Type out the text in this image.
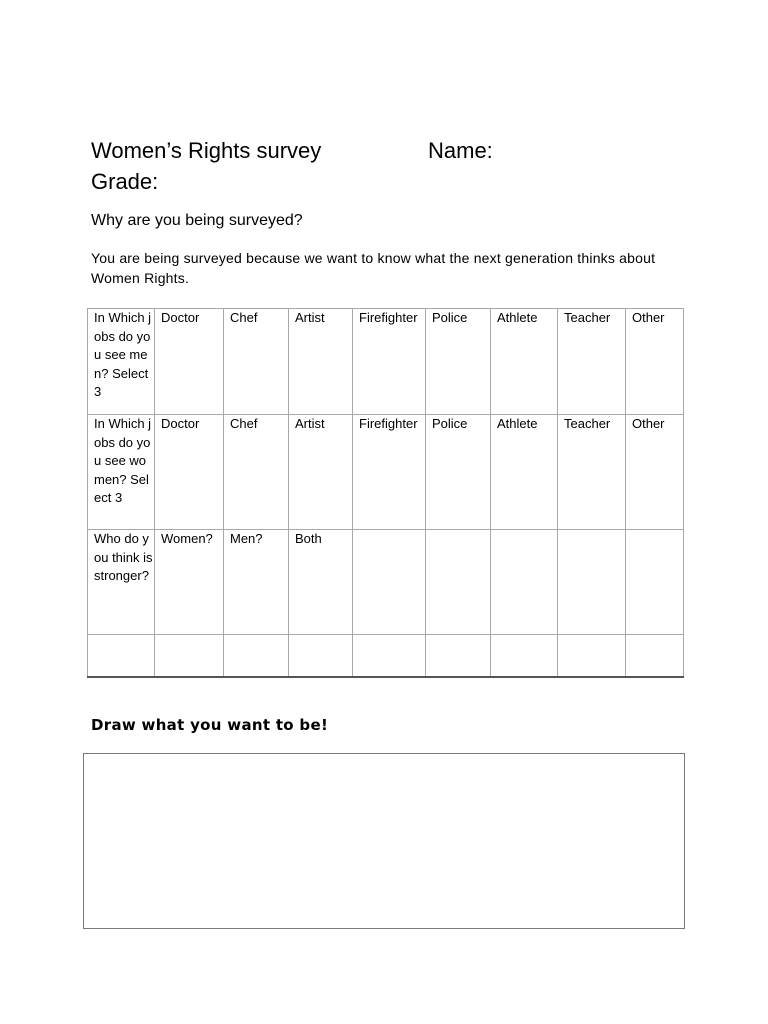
Women’s Rights survey	Name:
Grade:
Why are you being surveyed?
You are being surveyed because we want to know what the next generation thinks about Women Rights.
In Which jobs do you see men? Select 3	Doctor	Chef	Artist	Firefighter	Police	Athlete	Teacher	Other
In Which jobs do you see women? Select 3	Doctor	Chef	Artist	Firefighter	Police	Athlete	Teacher	Other
Who do you think is stronger?	Women?	Men?	Both					

Draw what you want to be!
